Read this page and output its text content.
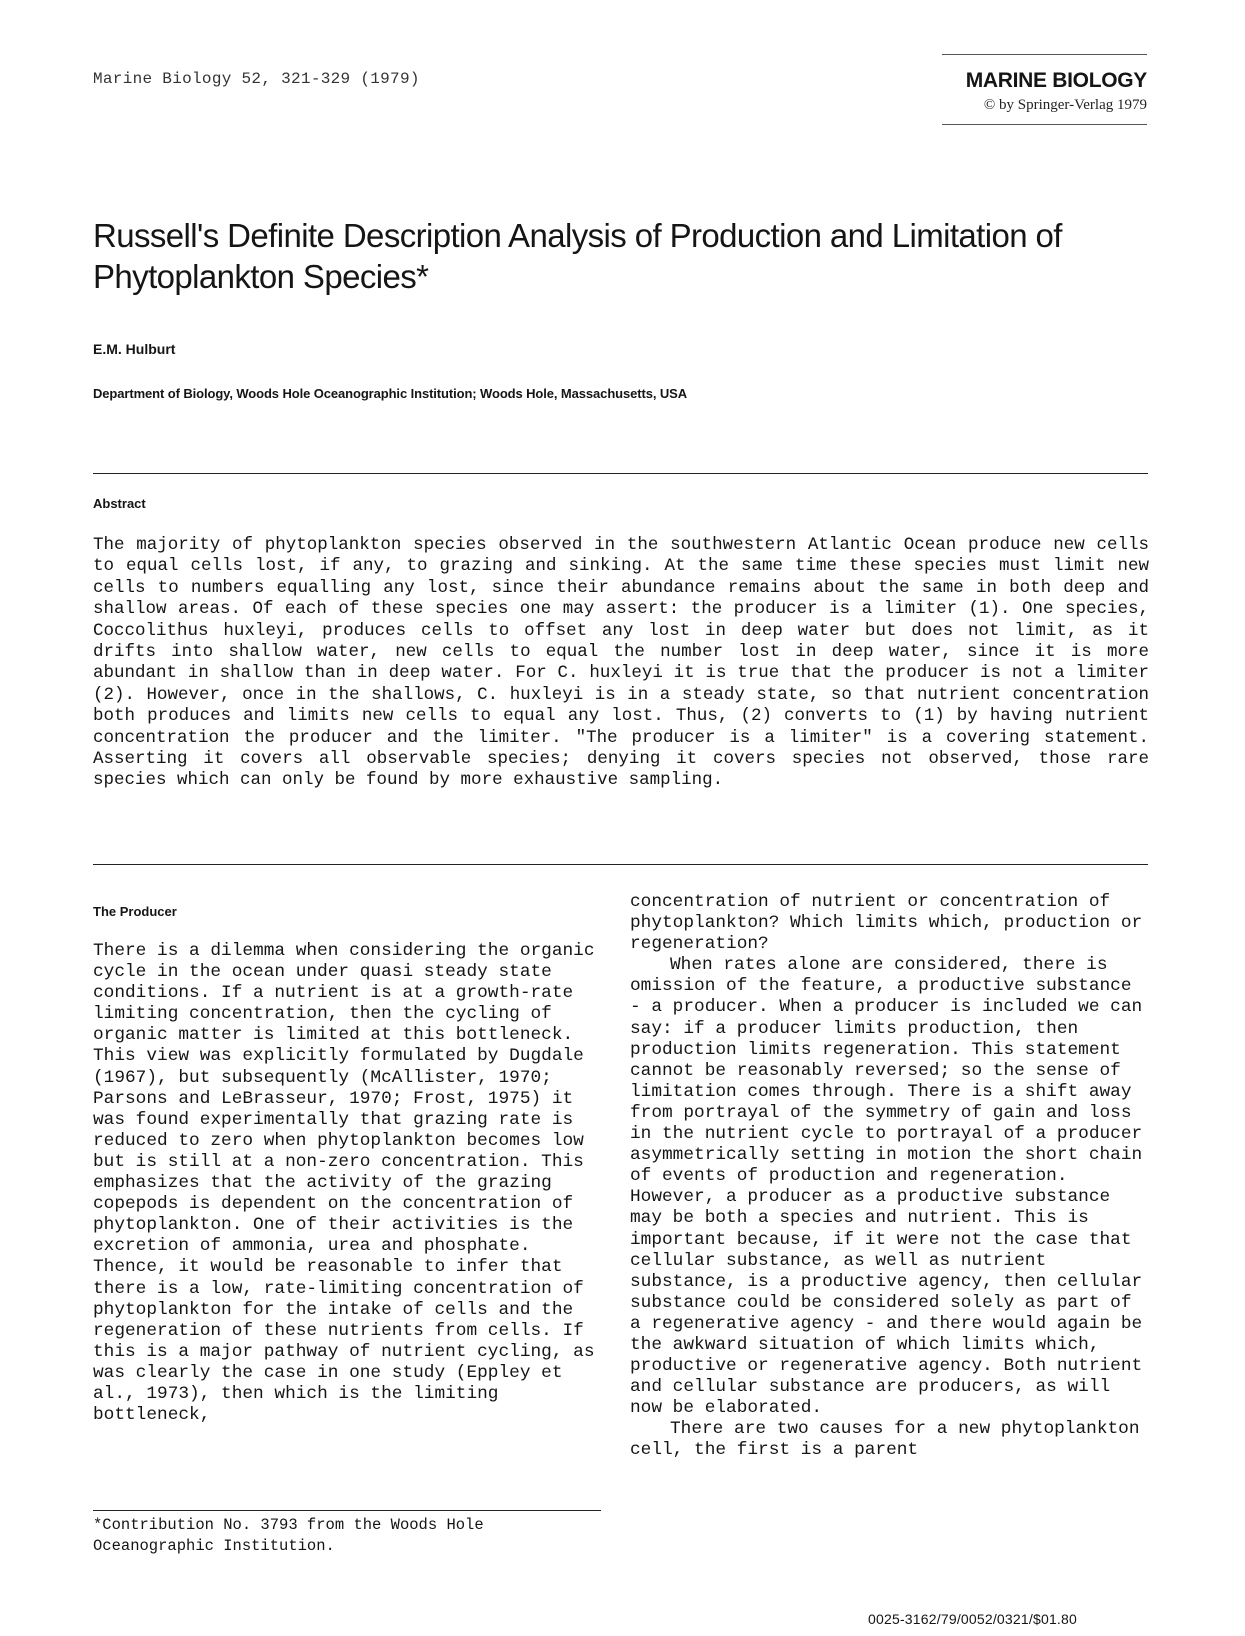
Marine Biology 52, 321-329 (1979)	MARINE BIOLOGY
© by Springer-Verlag 1979
Russell's Definite Description Analysis of Production and Limitation of Phytoplankton Species*
E.M. Hulburt
Department of Biology, Woods Hole Oceanographic Institution; Woods Hole, Massachusetts, USA
Abstract

The majority of phytoplankton species observed in the southwestern Atlantic Ocean produce new cells to equal cells lost, if any, to grazing and sinking. At the same time these species must limit new cells to numbers equalling any lost, since their abundance remains about the same in both deep and shallow areas. Of each of these species one may assert: the producer is a limiter (1). One species, Coccolithus huxleyi, produces cells to offset any lost in deep water but does not limit, as it drifts into shallow water, new cells to equal the number lost in deep water, since it is more abundant in shallow than in deep water. For C. huxleyi it is true that the producer is not a limiter (2). However, once in the shallows, C. huxleyi is in a steady state, so that nutrient concentration both produces and limits new cells to equal any lost. Thus, (2) converts to (1) by having nutrient concentration the producer and the limiter. "The producer is a limiter" is a covering statement. Asserting it covers all observable species; denying it covers species not observed, those rare species which can only be found by more exhaustive sampling.

The Producer

There is a dilemma when considering the organic cycle in the ocean under quasi steady state conditions. If a nutrient is at a growth-rate limiting concentration, then the cycling of organic matter is limited at this bottleneck. This view was explicitly formulated by Dugdale (1967), but subsequently (McAllister, 1970; Parsons and LeBrasseur, 1970; Frost, 1975) it was found experimentally that grazing rate is reduced to zero when phytoplankton becomes low but is still at a non-zero concentration. This emphasizes that the activity of the grazing copepods is dependent on the concentration of phytoplankton. One of their activities is the excretion of ammonia, urea and phosphate. Thence, it would be reasonable to infer that there is a low, rate-limiting concentration of phytoplankton for the intake of cells and the regeneration of these nutrients from cells. If this is a major pathway of nutrient cycling, as was clearly the case in one study (Eppley et al., 1973), then which is the limiting bottleneck,

concentration of nutrient or concentration of phytoplankton? Which limits which, production or regeneration?
When rates alone are considered, there is omission of the feature, a productive substance - a producer. When a producer is included we can say: if a producer limits production, then production limits regeneration. This statement cannot be reasonably reversed; so the sense of limitation comes through. There is a shift away from portrayal of the symmetry of gain and loss in the nutrient cycle to portrayal of a producer asymmetrically setting in motion the short chain of events of production and regeneration. However, a producer as a productive substance may be both a species and nutrient. This is important because, if it were not the case that cellular substance, as well as nutrient substance, is a productive agency, then cellular substance could be considered solely as part of a regenerative agency - and there would again be the awkward situation of which limits which, productive or regenerative agency. Both nutrient and cellular substance are producers, as will now be elaborated.
There are two causes for a new phytoplankton cell, the first is a parent

*Contribution No. 3793 from the Woods Hole Oceanographic Institution.

0025-3162/79/0052/0321/$01.80
